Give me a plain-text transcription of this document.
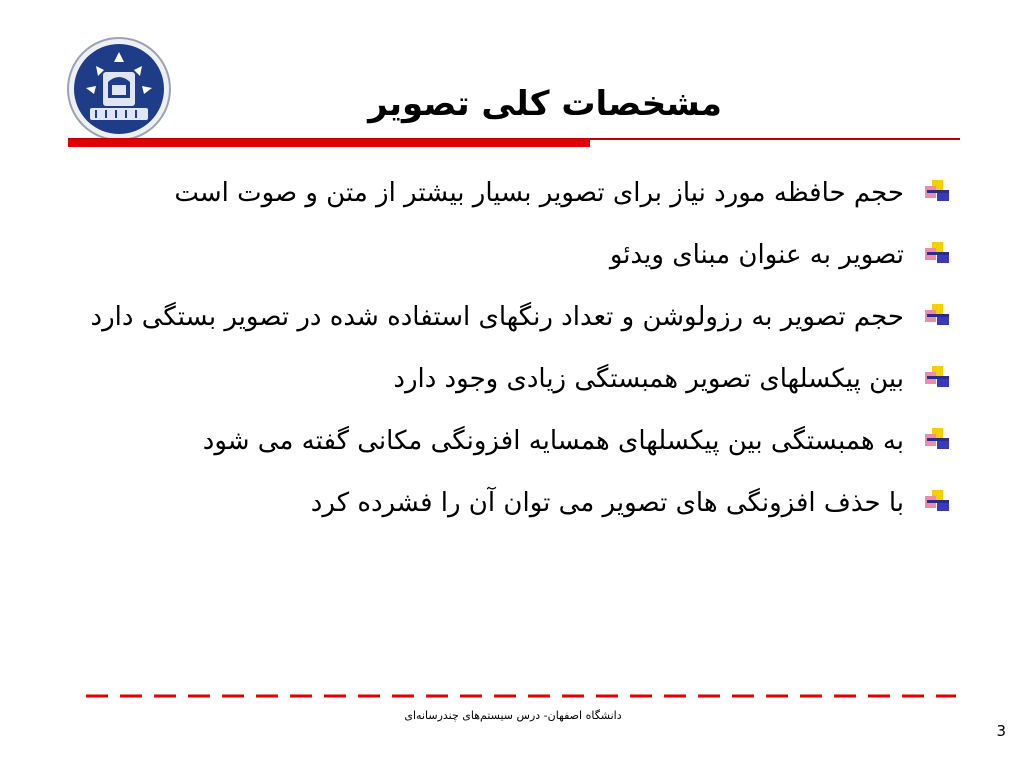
مشخصات کلی تصویر
حجم حافظه مورد نیاز برای تصویر بسیار بیشتر از متن و صوت است
تصویر به عنوان مبنای ویدئو
حجم تصویر به رزولوشن و تعداد رنگهای استفاده شده در تصویر بستگی دارد
بین پیکسلهای تصویر همبستگی زیادی وجود دارد
به همبستگی بین پیکسلهای همسایه افزونگی مکانی گفته می شود
با حذف افزونگی های تصویر می توان آن را فشرده کرد
دانشگاه اصفهان- درس سیستم‌های چندرسانه‌ای
3
